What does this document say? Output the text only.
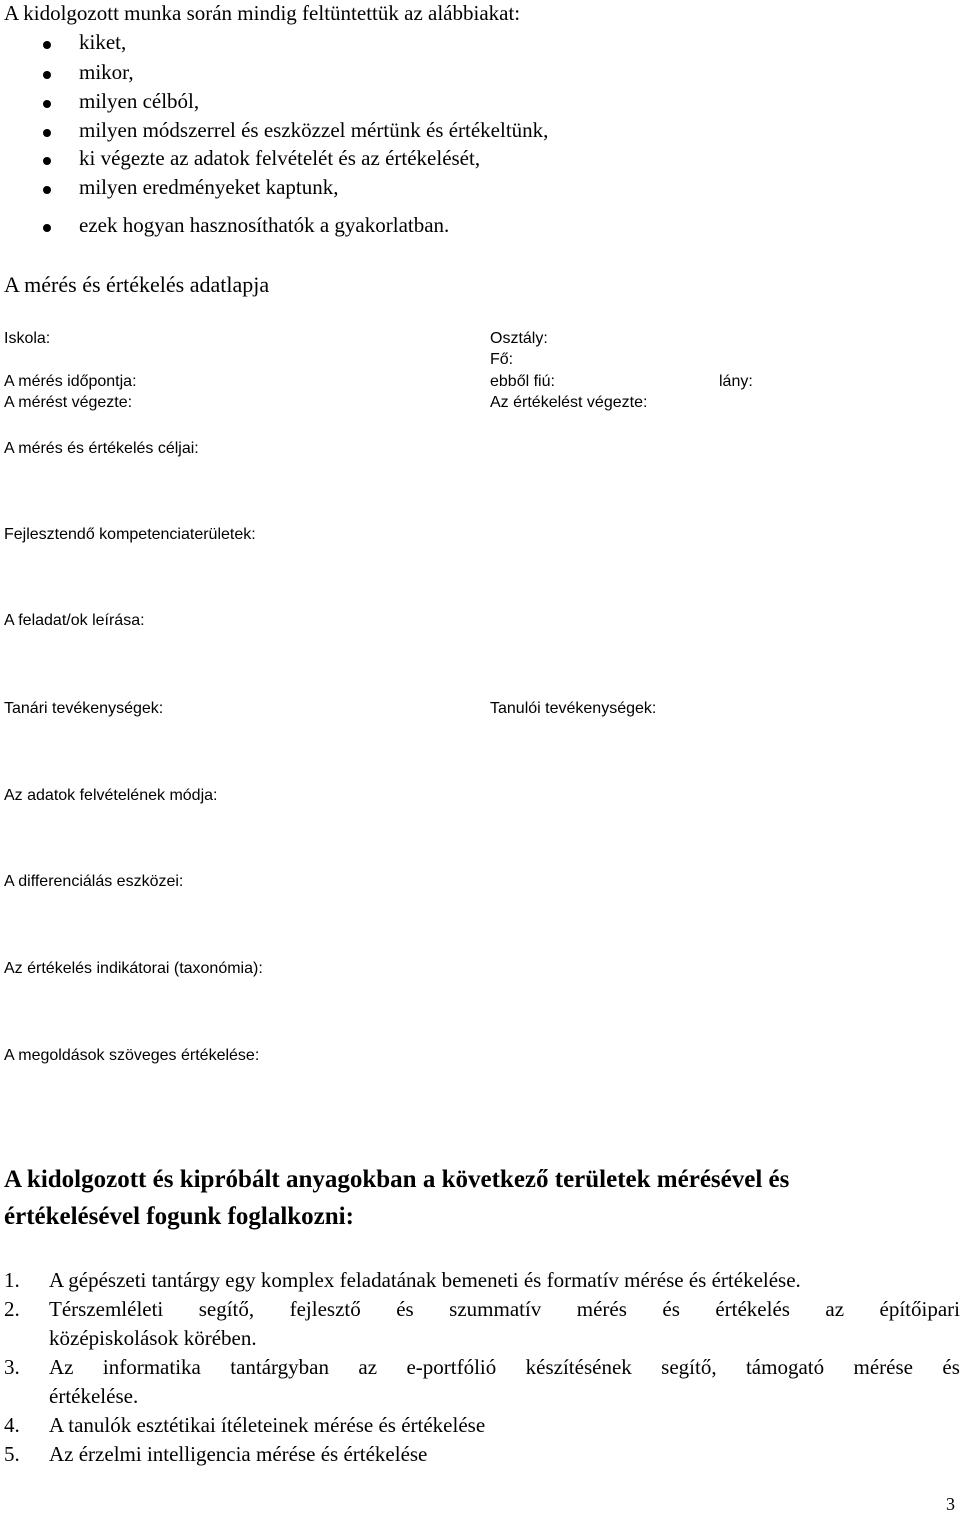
A kidolgozott munka során mindig feltüntettük az alábbiakat:
kiket,
mikor,
milyen célból,
milyen módszerrel és eszközzel mértünk és értékeltünk,
ki végezte az adatok felvételét és az értékelését,
milyen eredményeket kaptunk,
ezek hogyan hasznosíthatók a gyakorlatban.
A mérés és értékelés adatlapja
Iskola:	Osztály:
Fő:
A mérés időpontja:	ebből fiú:	lány:
A mérést végezte:	Az értékelést végezte:
A mérés és értékelés céljai:
Fejlesztendő kompetenciaterületek:
A feladat/ok leírása:
Tanári tevékenységek:	Tanulói tevékenységek:
Az adatok felvételének módja:
A differenciálás eszközei:
Az értékelés indikátorai (taxonómia):
A megoldások szöveges értékelése:
A kidolgozott és kipróbált anyagokban a következő területek mérésével és
értékelésével fogunk foglalkozni:
1. A gépészeti tantárgy egy komplex feladatának bemeneti és formatív mérése és értékelése.
2. Térszemléleti segítő, fejlesztő és szummatív mérés és értékelés az építőipari
középiskolások körében.
3. Az informatika tantárgyban az e-portfólió készítésének segítő, támogató mérése és
értékelése.
4. A tanulók esztétikai ítéleteinek mérése és értékelése
5. Az érzelmi intelligencia mérése és értékelése
3
